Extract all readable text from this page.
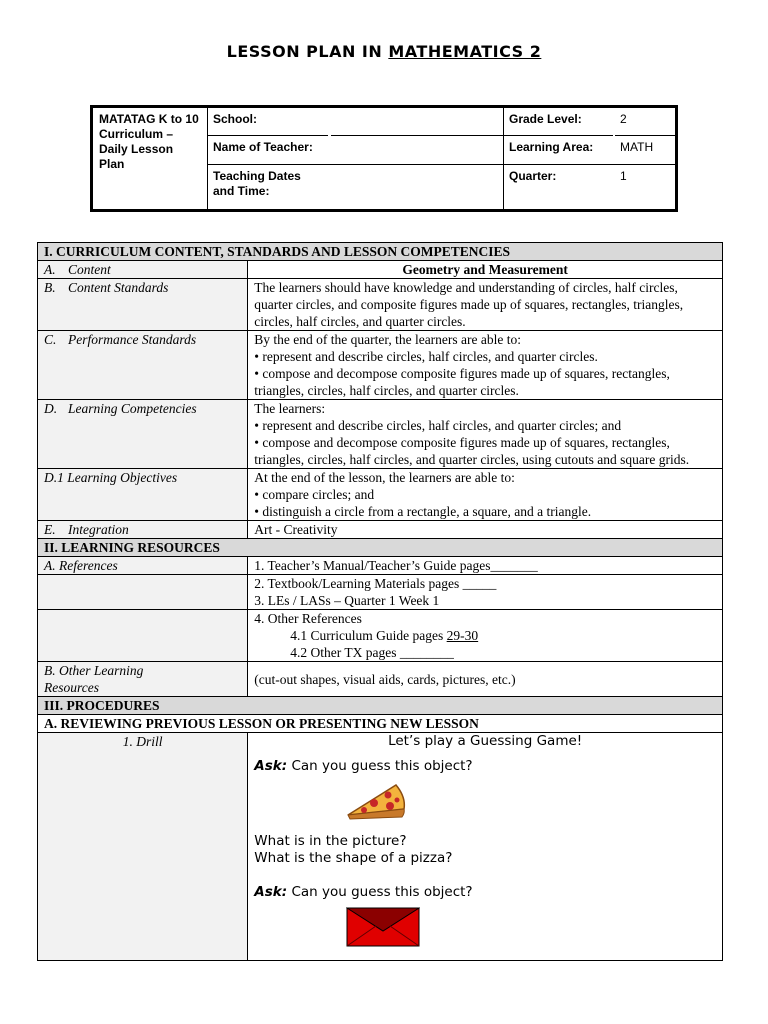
LESSON PLAN IN MATHEMATICS 2
MATATAG K to 10 Curriculum – Daily Lesson Plan
School:
Name of Teacher:
Teaching Dates and Time:
Grade Level:	2
Learning Area: MATH
Quarter:	1
I. CURRICULUM CONTENT, STANDARDS AND LESSON COMPETENCIES	
A. Content	Geometry and Measurement
B. Content Standards	The learners should have knowledge and understanding of circles, half circles, quarter circles, and composite figures made up of squares, rectangles, triangles, circles, half circles, and quarter circles.
C. Performance Standards	By the end of the quarter, the learners are able to:
• represent and describe circles, half circles, and quarter circles.
• compose and decompose composite figures made up of squares, rectangles, triangles, circles, half circles, and quarter circles.

D. Learning Competencies	The learners:
• represent and describe circles, half circles, and quarter circles; and
• compose and decompose composite figures made up of squares, rectangles, triangles, circles, half circles, and quarter circles, using cutouts and square grids.

D.1 Learning Objectives	At the end of the lesson, the learners are able to:
• compare circles; and
• distinguish a circle from a rectangle, a square, and a triangle.

E. Integration	Art - Creativity
II. LEARNING RESOURCES	
A. References	1. Teacher’s Manual/Teacher’s Guide pages_______

	2. Textbook/Learning Materials pages _____
3. LEs / LASs – Quarter 1 Week 1

	4. Other References
4.1 Curriculum Guide pages 29-30
4.2 Other TX pages ________

B. Other Learning Resources	(cut-out shapes, visual aids, cards, pictures, etc.)
III. PROCEDURES	
A. REVIEWING PREVIOUS LESSON OR PRESENTING NEW LESSON	
1. Drill	Let’s play a Guessing Game!
Ask: Can you guess this object?
What is in the picture?
What is the shape of a pizza?
Ask: Can you guess this object?
